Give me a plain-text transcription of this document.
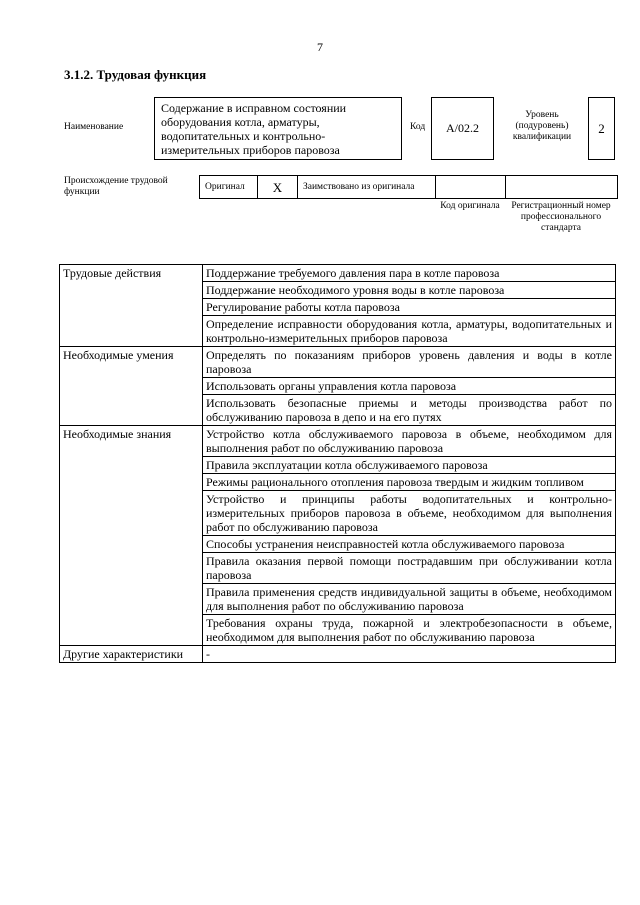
7
3.1.2. Трудовая функция
Наименование
Содержание в исправном состоянии оборудования котла, арматуры, водопитательных и контрольно-измерительных приборов паровоза
Код А/02.2
Уровень (подуровень) квалификации
2
Происхождение трудовой функции
Оригинал	X	Заимствовано из оригинала		
Код оригинала	Регистрационный номер профессионального стандарта
Трудовые действия	Поддержание требуемого давления пара в котле паровоза
	Поддержание необходимого уровня воды в котле паровоза
	Регулирование работы котла паровоза
	Определение исправности оборудования котла, арматуры, водопитательных и контрольно-измерительных приборов паровоза
Необходимые умения	Определять по показаниям приборов уровень давления и воды в котле паровоза
	Использовать органы управления котла паровоза
	Использовать безопасные приемы и методы производства работ по обслуживанию паровоза в депо и на его путях
Необходимые знания	Устройство котла обслуживаемого паровоза в объеме, необходимом для выполнения работ по обслуживанию паровоза
	Правила эксплуатации котла обслуживаемого паровоза
	Режимы рационального отопления паровоза твердым и жидким топливом
	Устройство и принципы работы водопитательных и контрольно-измерительных приборов паровоза в объеме, необходимом для выполнения работ по обслуживанию паровоза
	Способы устранения неисправностей котла обслуживаемого паровоза
	Правила оказания первой помощи пострадавшим при обслуживании котла паровоза
	Правила применения средств индивидуальной защиты в объеме, необходимом для выполнения работ по обслуживанию паровоза
	Требования охраны труда, пожарной и электробезопасности в объеме, необходимом для выполнения работ по обслуживанию паровоза
Другие характеристики	-
